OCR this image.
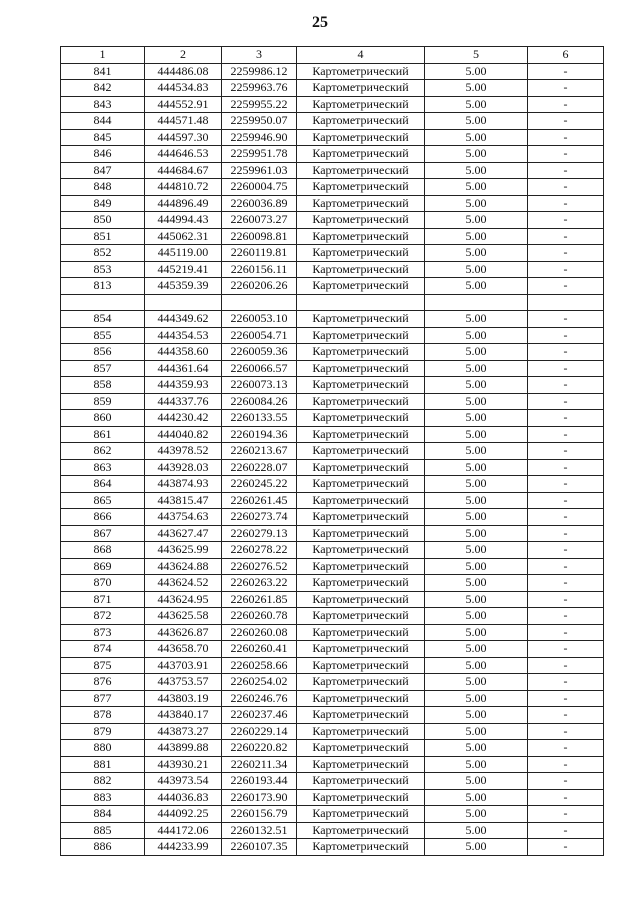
25
1	2	3	4	5	6
841	444486.08	2259986.12	Картометрический	5.00	-
842	444534.83	2259963.76	Картометрический	5.00	-
843	444552.91	2259955.22	Картометрический	5.00	-
844	444571.48	2259950.07	Картометрический	5.00	-
845	444597.30	2259946.90	Картометрический	5.00	-
846	444646.53	2259951.78	Картометрический	5.00	-
847	444684.67	2259961.03	Картометрический	5.00	-
848	444810.72	2260004.75	Картометрический	5.00	-
849	444896.49	2260036.89	Картометрический	5.00	-
850	444994.43	2260073.27	Картометрический	5.00	-
851	445062.31	2260098.81	Картометрический	5.00	-
852	445119.00	2260119.81	Картометрический	5.00	-
853	445219.41	2260156.11	Картометрический	5.00	-
813	445359.39	2260206.26	Картометрический	5.00	-

854	444349.62	2260053.10	Картометрический	5.00	-
855	444354.53	2260054.71	Картометрический	5.00	-
856	444358.60	2260059.36	Картометрический	5.00	-
857	444361.64	2260066.57	Картометрический	5.00	-
858	444359.93	2260073.13	Картометрический	5.00	-
859	444337.76	2260084.26	Картометрический	5.00	-
860	444230.42	2260133.55	Картометрический	5.00	-
861	444040.82	2260194.36	Картометрический	5.00	-
862	443978.52	2260213.67	Картометрический	5.00	-
863	443928.03	2260228.07	Картометрический	5.00	-
864	443874.93	2260245.22	Картометрический	5.00	-
865	443815.47	2260261.45	Картометрический	5.00	-
866	443754.63	2260273.74	Картометрический	5.00	-
867	443627.47	2260279.13	Картометрический	5.00	-
868	443625.99	2260278.22	Картометрический	5.00	-
869	443624.88	2260276.52	Картометрический	5.00	-
870	443624.52	2260263.22	Картометрический	5.00	-
871	443624.95	2260261.85	Картометрический	5.00	-
872	443625.58	2260260.78	Картометрический	5.00	-
873	443626.87	2260260.08	Картометрический	5.00	-
874	443658.70	2260260.41	Картометрический	5.00	-
875	443703.91	2260258.66	Картометрический	5.00	-
876	443753.57	2260254.02	Картометрический	5.00	-
877	443803.19	2260246.76	Картометрический	5.00	-
878	443840.17	2260237.46	Картометрический	5.00	-
879	443873.27	2260229.14	Картометрический	5.00	-
880	443899.88	2260220.82	Картометрический	5.00	-
881	443930.21	2260211.34	Картометрический	5.00	-
882	443973.54	2260193.44	Картометрический	5.00	-
883	444036.83	2260173.90	Картометрический	5.00	-
884	444092.25	2260156.79	Картометрический	5.00	-
885	444172.06	2260132.51	Картометрический	5.00	-
886	444233.99	2260107.35	Картометрический	5.00	-
